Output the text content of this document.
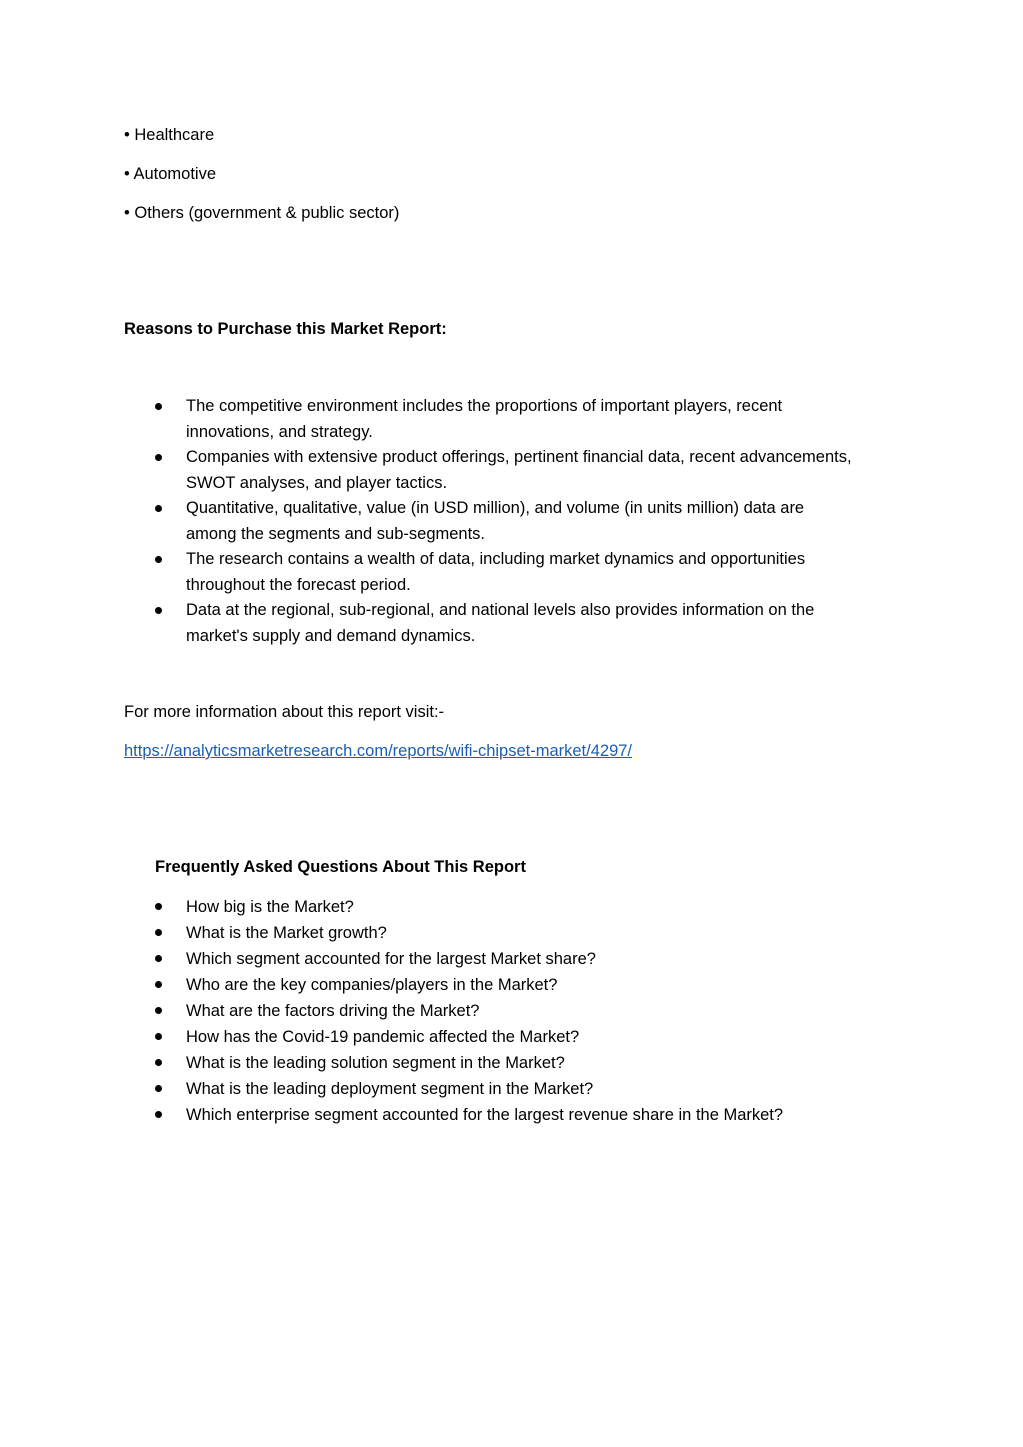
• Healthcare
• Automotive
• Others (government & public sector)
Reasons to Purchase this Market Report:
The competitive environment includes the proportions of important players, recent
innovations, and strategy.
Companies with extensive product offerings, pertinent financial data, recent advancements,
SWOT analyses, and player tactics.
Quantitative, qualitative, value (in USD million), and volume (in units million) data are
among the segments and sub-segments.
The research contains a wealth of data, including market dynamics and opportunities
throughout the forecast period.
Data at the regional, sub-regional, and national levels also provides information on the
market's supply and demand dynamics.
For more information about this report visit:-
https://analyticsmarketresearch.com/reports/wifi-chipset-market/4297/
Frequently Asked Questions About This Report
How big is the Market?
What is the Market growth?
Which segment accounted for the largest Market share?
Who are the key companies/players in the Market?
What are the factors driving the Market?
How has the Covid-19 pandemic affected the Market?
What is the leading solution segment in the Market?
What is the leading deployment segment in the Market?
Which enterprise segment accounted for the largest revenue share in the Market?
